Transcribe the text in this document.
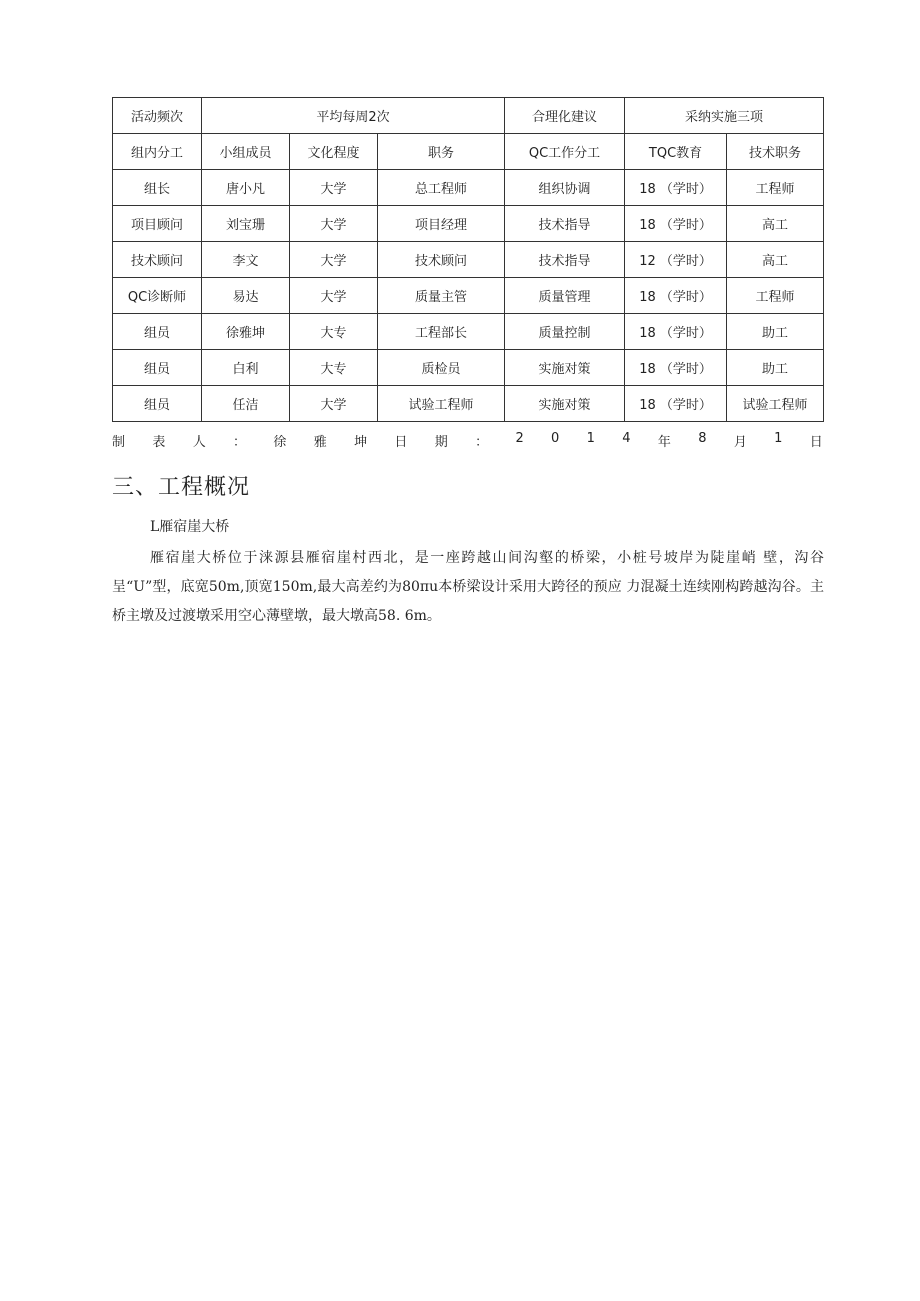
活动频次	平均每周2次			合理化建议	采纳实施三项	
组内分工	小组成员	文化程度	职务	QC工作分工	TQC教育	技术职务
组长	唐小凡	大学	总工程师	组织协调	18 （学时）	工程师
项目顾问	刘宝珊	大学	项目经理	技术指导	18 （学时）	高工
技术顾问	李文	大学	技术顾问	技术指导	12 （学时）	高工
QC诊断师	易达	大学	质量主管	质量管理	18 （学时）	工程师
组员	徐雅坤	大专	工程部长	质量控制	18 （学时）	助工
组员	白利	大专	质检员	实施对策	18 （学时）	助工
组员	任洁	大学	试验工程师	实施对策	18 （学时）	试验工程师
制 表 人 ： 徐 雅 坤 日 期 ： 2 0 1 4 年 8 月 1 日
三、工程概况
L雁宿崖大桥
雁宿崖大桥位于涞源县雁宿崖村西北，是一座跨越山间沟壑的桥梁，小桩号坡岸为陡崖峭 壁，沟谷呈“U”型，底宽50m,顶宽150m,最大高差约为80πu本桥梁设计采用大跨径的预应 力混凝土连续刚构跨越沟谷。主桥主墩及过渡墩采用空心薄壁墩，最大墩高58. 6m。
